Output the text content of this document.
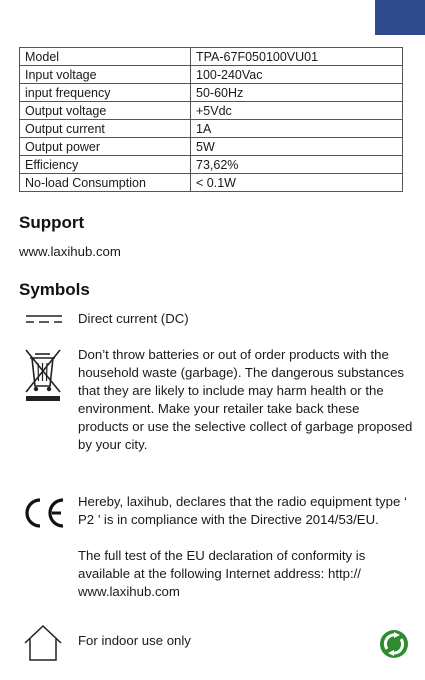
Model	TPA-67F050100VU01
Input voltage	100-240Vac
input frequency	50-60Hz
Output voltage	+5Vdc
Output current	1A
Output power	5W
Efficiency	73,62%
No-load Consumption	< 0.1W
Support
www.laxihub.com
Symbols
Direct current (DC)
Don’t throw batteries or out of order products with the household waste (garbage). The dangerous substances that they are likely to include may harm health or the environment. Make your retailer take back these products or use the selective collect of garbage proposed by your city.

Hereby, laxihub, declares that the radio equipment type ‘ P2 ’ is in compliance with the Directive 2014/53/EU.

The full test of the EU declaration of conformity is available at the following Internet address: http:// www.laxihub.com

For indoor use only
